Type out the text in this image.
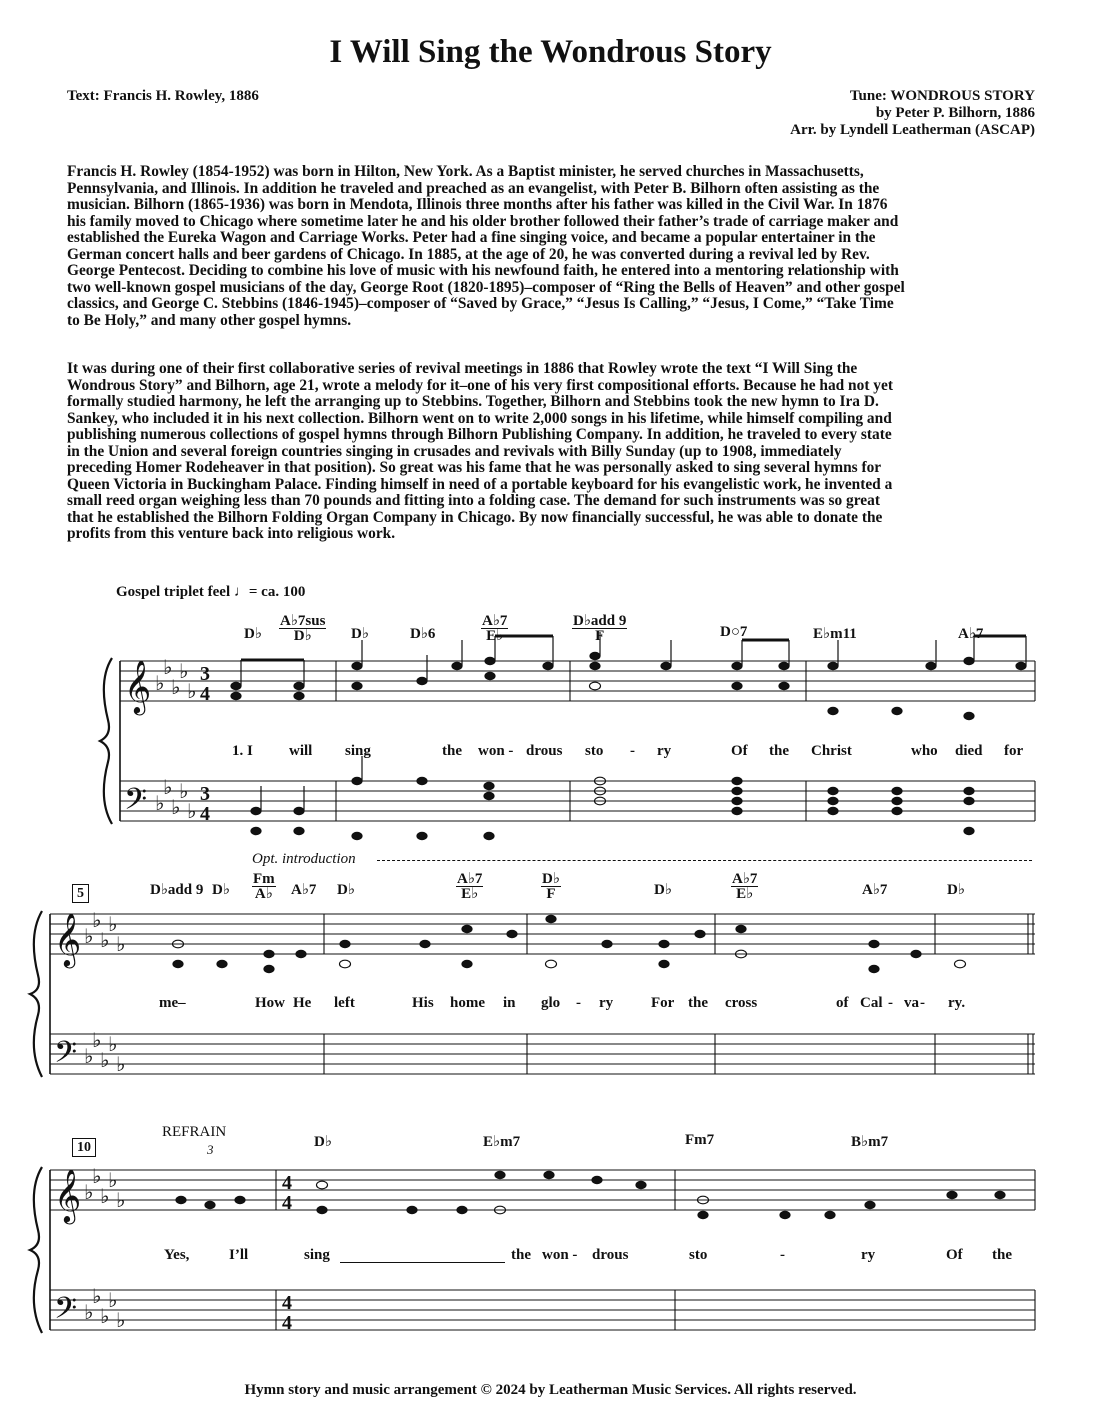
I Will Sing the Wondrous Story
Text: Francis H. Rowley, 1886	Tune: WONDROUS STORY
by Peter P. Bilhorn, 1886
Arr. by Lyndell Leatherman (ASCAP)
Francis H. Rowley (1854-1952) was born in Hilton, New York. As a Baptist minister, he served churches in Massachusetts,
Pennsylvania, and Illinois. In addition he traveled and preached as an evangelist, with Peter B. Bilhorn often assisting as the
musician. Bilhorn (1865-1936) was born in Mendota, Illinois three months after his father was killed in the Civil War. In 1876
his family moved to Chicago where sometime later he and his older brother followed their father’s trade of carriage maker and
established the Eureka Wagon and Carriage Works. Peter had a fine singing voice, and became a popular entertainer in the
German concert halls and beer gardens of Chicago. In 1885, at the age of 20, he was converted during a revival led by Rev.
George Pentecost. Deciding to combine his love of music with his newfound faith, he entered into a mentoring relationship with
two well-known gospel musicians of the day, George Root (1820-1895)–composer of “Ring the Bells of Heaven” and other gospel
classics, and George C. Stebbins (1846-1945)–composer of “Saved by Grace,” “Jesus Is Calling,” “Jesus, I Come,” “Take Time
to Be Holy,” and many other gospel hymns.
It was during one of their first collaborative series of revival meetings in 1886 that Rowley wrote the text “I Will Sing the
Wondrous Story” and Bilhorn, age 21, wrote a melody for it–one of his very first compositional efforts. Because he had not yet
formally studied harmony, he left the arranging up to Stebbins. Together, Bilhorn and Stebbins took the new hymn to Ira D.
Sankey, who included it in his next collection. Bilhorn went on to write 2,000 songs in his lifetime, while himself compiling and
publishing numerous collections of gospel hymns through Bilhorn Publishing Company. In addition, he traveled to every state
in the Union and several foreign countries singing in crusades and revivals with Billy Sunday (up to 1908, immediately
preceding Homer Rodeheaver in that position). So great was his fame that he was personally asked to sing several hymns for
Queen Victoria in Buckingham Palace. Finding himself in need of a portable keyboard for his evangelistic work, he invented a
small reed organ weighing less than 70 pounds and fitting into a folding case. The demand for such instruments was so great
that he established the Bilhorn Folding Organ Company in Chicago. By now financially successful, he was able to donate the
profits from this venture back into religious work.
𝄞
𝄢
𝄞
𝄢
𝄞
𝄢
♭
♭
♭
♭
♭
♭
♭
♭
♭
♭
♭
♭
♭
♭
♭
♭
♭
♭
♭
♭
♭
♭
♭
♭
♭
♭
♭
♭
♭
♭
3
4
3
4
4
4
4
4
Gospel triplet feel ♩= ca. 100
D♭ $\frac{\text{A♭7sus}}{D♭}$ D♭	D♭6	$\frac{A♭7}{E♭}$	$\frac{\text{D♭add 9}}{F}$	D○7	E♭m11	A♭7
1. I will sing	the won - drous sto - ry	Of the Christ	who died for
5
Opt. introduction
D♭add 9 D♭ $\frac{Fm}{A♭}$ A♭7 D♭	$\frac{A♭7}{E♭}$	$\frac{D♭}{F}$	D♭	$\frac{A♭7}{E♭}$	A♭7	D♭
me–	How He left	His home in glo - ry	For the cross	of Cal - va - ry.
10
REFRAIN
3	D♭	E♭m7	Fm7	B♭m7
Yes,	I’ll	sing	the won - drous	sto	-	ry	Of the
Hymn story and music arrangement © 2024 by Leatherman Music Services. All rights reserved.
